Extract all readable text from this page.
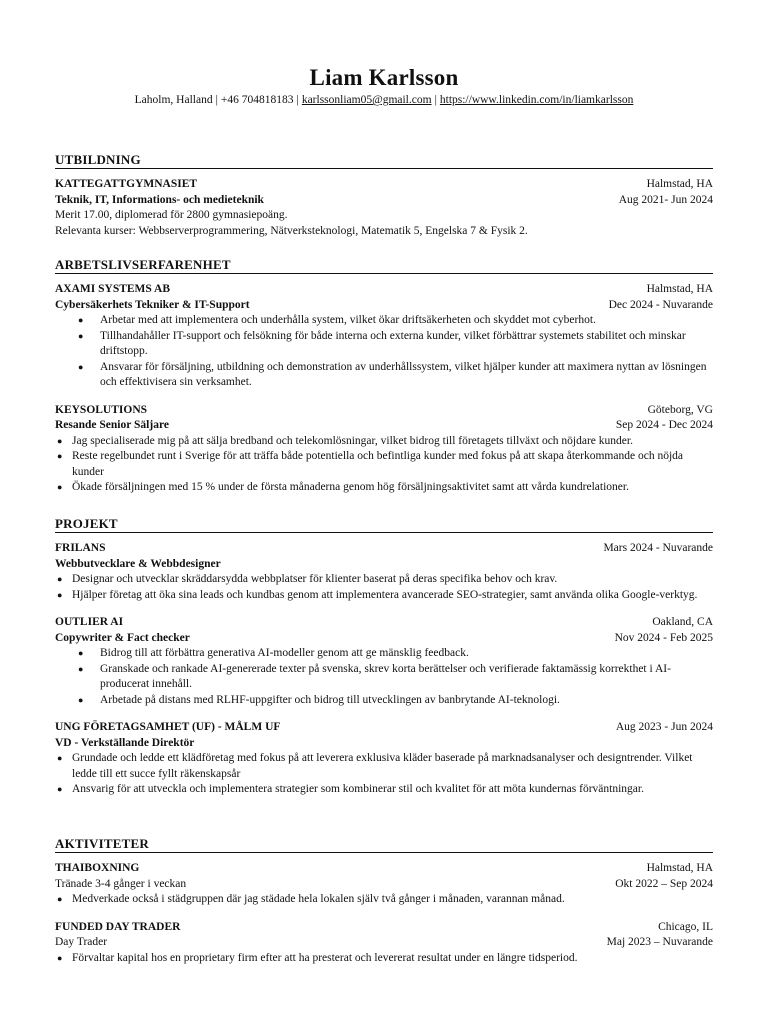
Liam Karlsson
Laholm, Halland | +46 704818183 | karlssonliam05@gmail.com | https://www.linkedin.com/in/liamkarlsson
UTBILDNING
KATTEGATTGYMNASIET	Halmstad, HA
Teknik, IT, Informations- och medieteknik	Aug 2021- Jun 2024
Merit 17.00, diplomerad för 2800 gymnasiepoäng.
Relevanta kurser: Webbserverprogrammering, Nätverksteknologi, Matematik 5, Engelska 7 & Fysik 2.
ARBETSLIVSERFARENHET
AXAMI SYSTEMS AB	Halmstad, HA
Cybersäkerhets Tekniker & IT-Support	Dec 2024 - Nuvarande
● Arbetar med att implementera och underhålla system, vilket ökar driftsäkerheten och skyddet mot cyberhot.
● Tillhandahåller IT-support och felsökning för både interna och externa kunder, vilket förbättrar systemets stabilitet och minskar driftstopp.
● Ansvarar för försäljning, utbildning och demonstration av underhållssystem, vilket hjälper kunder att maximera nyttan av lösningen och effektivisera sin verksamhet.
KEYSOLUTIONS	Göteborg, VG
Resande Senior Säljare	Sep 2024 - Dec 2024
● Jag specialiserade mig på att sälja bredband och telekomlösningar, vilket bidrog till företagets tillväxt och nöjdare kunder.
● Reste regelbundet runt i Sverige för att träffa både potentiella och befintliga kunder med fokus på att skapa återkommande och nöjda kunder
● Ökade försäljningen med 15 % under de första månaderna genom hög försäljningsaktivitet samt att vårda kundrelationer.
PROJEKT
FRILANS	Mars 2024 - Nuvarande
Webbutvecklare & Webbdesigner
● Designar och utvecklar skräddarsydda webbplatser för klienter baserat på deras specifika behov och krav.
● Hjälper företag att öka sina leads och kundbas genom att implementera avancerade SEO-strategier, samt använda olika Google-verktyg.
OUTLIER AI	Oakland, CA
Copywriter & Fact checker	Nov 2024 - Feb 2025
● Bidrog till att förbättra generativa AI-modeller genom att ge mänsklig feedback.
● Granskade och rankade AI-genererade texter på svenska, skrev korta berättelser och verifierade faktamässig korrekthet i AI-producerat innehåll.
● Arbetade på distans med RLHF-uppgifter och bidrog till utvecklingen av banbrytande AI-teknologi.
UNG FÖRETAGSAMHET (UF) - MÅLM UF	Aug 2023 - Jun 2024
VD - Verkställande Direktör
● Grundade och ledde ett klädföretag med fokus på att leverera exklusiva kläder baserade på marknadsanalyser och designtrender. Vilket ledde till ett succe fyllt räkenskapsår
● Ansvarig för att utveckla och implementera strategier som kombinerar stil och kvalitet för att möta kundernas förväntningar.
AKTIVITETER
THAIBOXNING	Halmstad, HA
Tränade 3-4 gånger i veckan	Okt 2022 – Sep 2024
● Medverkade också i städgruppen där jag städade hela lokalen själv två gånger i månaden, varannan månad.
FUNDED DAY TRADER	Chicago, IL
Day Trader	Maj 2023 – Nuvarande
● Förvaltar kapital hos en proprietary firm efter att ha presterat och levererat resultat under en längre tidsperiod.
